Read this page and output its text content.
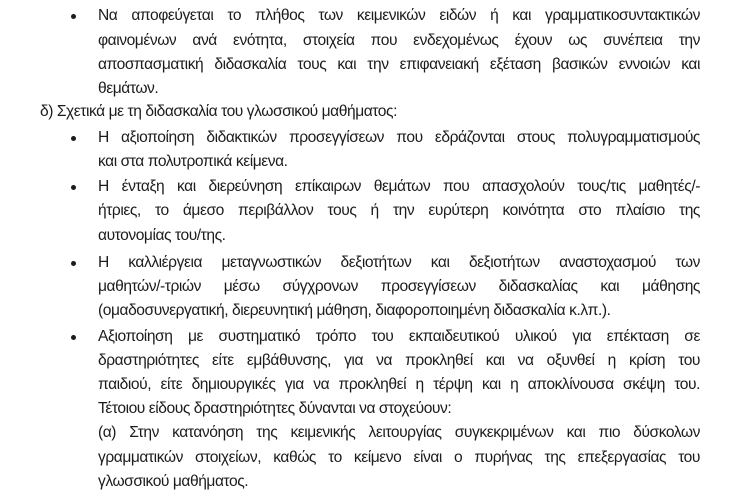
Να αποφεύγεται το πλήθος των κειμενικών ειδών ή και γραμματικοσυντακτικών
φαινομένων ανά ενότητα, στοιχεία που ενδεχομένως έχουν ως συνέπεια την
αποσπασματική διδασκαλία τους και την επιφανειακή εξέταση βασικών εννοιών και
θεμάτων.
δ) Σχετικά με τη διδασκαλία του γλωσσικού μαθήματος:
Η αξιοποίηση διδακτικών προσεγγίσεων που εδράζονται στους πολυγραμματισμούς
και στα πολυτροπικά κείμενα.
Η ένταξη και διερεύνηση επίκαιρων θεμάτων που απασχολούν τους/τις μαθητές/-
ήτριες, το άμεσο περιβάλλον τους ή την ευρύτερη κοινότητα στο πλαίσιο της
αυτονομίας του/της.
Η καλλιέργεια μεταγνωστικών δεξιοτήτων και δεξιοτήτων αναστοχασμού των
μαθητών/-τριών μέσω σύγχρονων προσεγγίσεων διδασκαλίας και μάθησης
(ομαδοσυνεργατική, διερευνητική μάθηση, διαφοροποιημένη διδασκαλία κ.λπ.).
Αξιοποίηση με συστηματικό τρόπο του εκπαιδευτικού υλικού για επέκταση σε
δραστηριότητες είτε εμβάθυνσης, για να προκληθεί και να οξυνθεί η κρίση του
παιδιού, είτε δημιουργικές για να προκληθεί η τέρψη και η αποκλίνουσα σκέψη του.
Τέτοιου είδους δραστηριότητες δύνανται να στοχεύουν:
(α) Στην κατανόηση της κειμενικής λειτουργίας συγκεκριμένων και πιο δύσκολων
γραμματικών στοιχείων, καθώς το κείμενο είναι ο πυρήνας της επεξεργασίας του
γλωσσικού μαθήματος.
